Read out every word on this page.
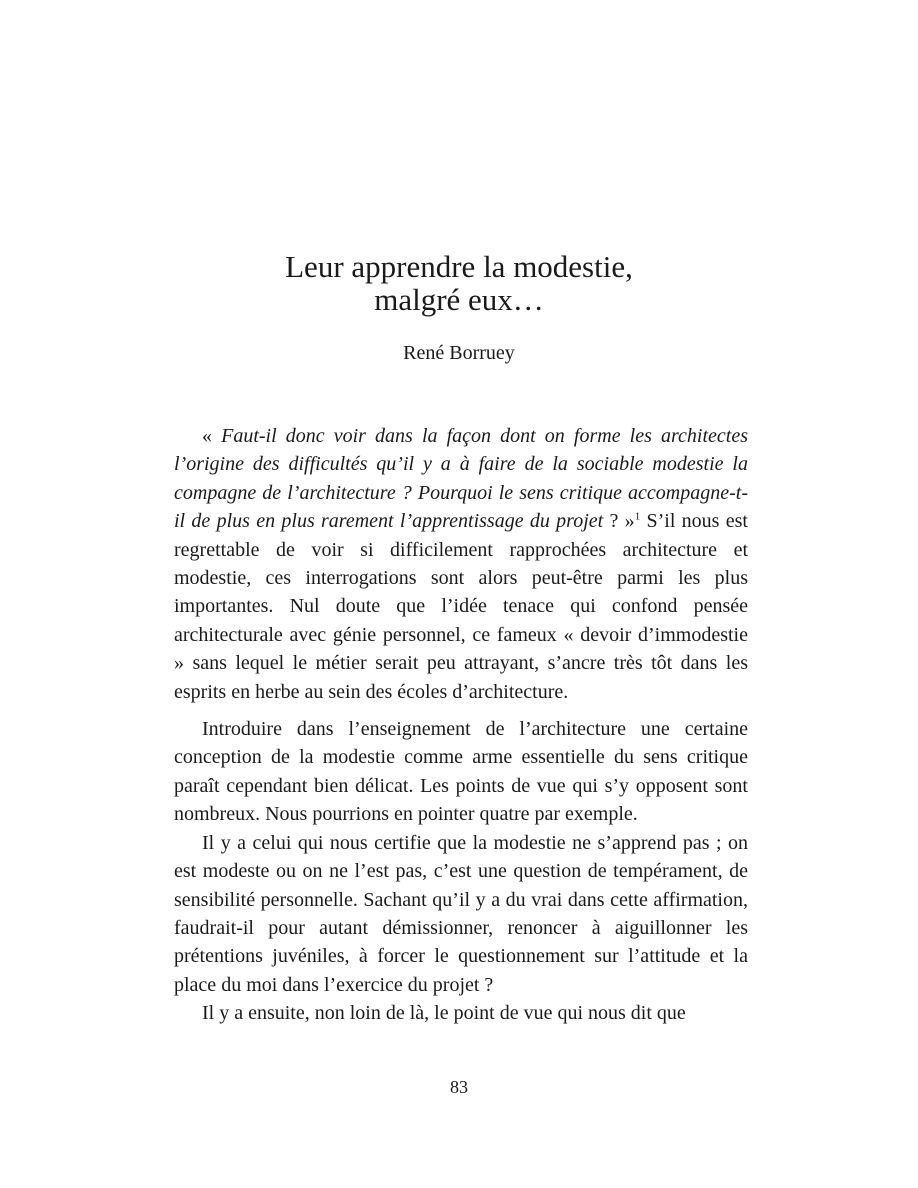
Leur apprendre la modestie,
malgré eux…

René Borruey

« Faut-il donc voir dans la façon dont on forme les architectes l’origine des difficultés qu’il y a à faire de la sociable modestie la compagne de l’architecture ? Pourquoi le sens critique accompagne-t-il de plus en plus rarement l’apprentissage du projet ? »$^1$ S’il nous est regrettable de voir si difficilement rapprochées architecture et modestie, ces interrogations sont alors peut-être parmi les plus importantes. Nul doute que l’idée tenace qui confond pensée architecturale avec génie personnel, ce fameux « devoir d’immodestie » sans lequel le métier serait peu attrayant, s’ancre très tôt dans les esprits en herbe au sein des écoles d’architecture.

Introduire dans l’enseignement de l’architecture une certaine conception de la modestie comme arme essentielle du sens critique paraît cependant bien délicat. Les points de vue qui s’y opposent sont nombreux. Nous pourrions en pointer quatre par exemple.

Il y a celui qui nous certifie que la modestie ne s’apprend pas ; on est modeste ou on ne l’est pas, c’est une question de tempérament, de sensibilité personnelle. Sachant qu’il y a du vrai dans cette affirmation, faudrait-il pour autant démissionner, renoncer à aiguillonner les prétentions juvéniles, à forcer le questionnement sur l’attitude et la place du moi dans l’exercice du projet ?

Il y a ensuite, non loin de là, le point de vue qui nous dit que

83
